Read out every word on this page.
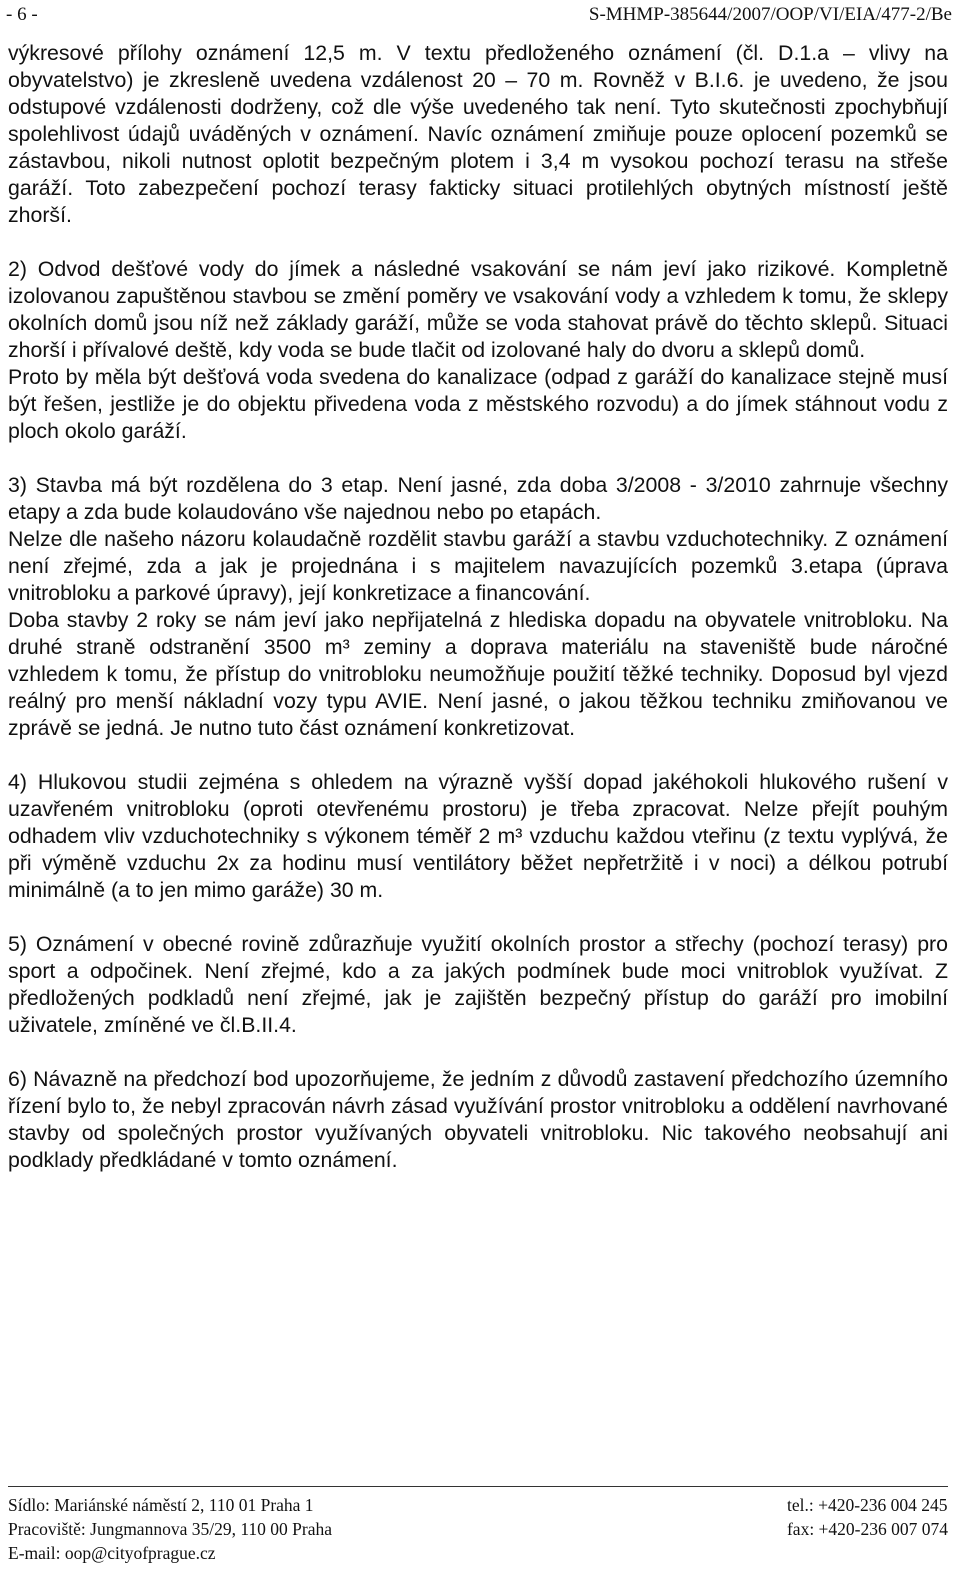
- 6 -	S-MHMP-385644/2007/OOP/VI/EIA/477-2/Be

výkresové přílohy oznámení 12,5 m. V textu předloženého oznámení (čl. D.1.a – vlivy na obyvatelstvo) je zkresleně uvedena vzdálenost 20 – 70 m. Rovněž v B.I.6. je uvedeno, že jsou odstupové vzdálenosti dodrženy, což dle výše uvedeného tak není. Tyto skutečnosti zpochybňují spolehlivost údajů uváděných v oznámení. Navíc oznámení zmiňuje pouze oplocení pozemků se zástavbou, nikoli nutnost oplotit bezpečným plotem i 3,4 m vysokou pochozí terasu na střeše garáží. Toto zabezpečení pochozí terasy fakticky situaci protilehlých obytných místností ještě zhorší.

2) Odvod dešťové vody do jímek a následné vsakování se nám jeví jako rizikové. Kompletně izolovanou zapuštěnou stavbou se změní poměry ve vsakování vody a vzhledem k tomu, že sklepy okolních domů jsou níž než základy garáží, může se voda stahovat právě do těchto sklepů. Situaci zhorší i přívalové deště, kdy voda se bude tlačit od izolované haly do dvoru a sklepů domů.

Proto by měla být dešťová voda svedena do kanalizace (odpad z garáží do kanalizace stejně musí být řešen, jestliže je do objektu přivedena voda z městského rozvodu) a do jímek stáhnout vodu z ploch okolo garáží.

3) Stavba má být rozdělena do 3 etap. Není jasné, zda doba 3/2008 - 3/2010 zahrnuje všechny etapy a zda bude kolaudováno vše najednou nebo po etapách.

Nelze dle našeho názoru kolaudačně rozdělit stavbu garáží a stavbu vzduchotechniky. Z oznámení není zřejmé, zda a jak je projednána i s majitelem navazujících pozemků 3.etapa (úprava vnitrobloku a parkové úpravy), její konkretizace a financování.

Doba stavby 2 roky se nám jeví jako nepřijatelná z hlediska dopadu na obyvatele vnitrobloku. Na druhé straně odstranění 3500 m³ zeminy a doprava materiálu na staveniště bude náročné vzhledem k tomu, že přístup do vnitrobloku neumožňuje použití těžké techniky. Doposud byl vjezd reálný pro menší nákladní vozy typu AVIE. Není jasné, o jakou těžkou techniku zmiňovanou ve zprávě se jedná. Je nutno tuto část oznámení konkretizovat.

4) Hlukovou studii zejména s ohledem na výrazně vyšší dopad jakéhokoli hlukového rušení v uzavřeném vnitrobloku (oproti otevřenému prostoru) je třeba zpracovat. Nelze přejít pouhým odhadem vliv vzduchotechniky s výkonem téměř 2 m³ vzduchu každou vteřinu (z textu vyplývá, že při výměně vzduchu 2x za hodinu musí ventilátory běžet nepřetržitě i v noci) a délkou potrubí minimálně (a to jen mimo garáže) 30 m.

5) Oznámení v obecné rovině zdůrazňuje využití okolních prostor a střechy (pochozí terasy) pro sport a odpočinek. Není zřejmé, kdo a za jakých podmínek bude moci vnitroblok využívat. Z předložených podkladů není zřejmé, jak je zajištěn bezpečný přístup do garáží pro imobilní uživatele, zmíněné ve čl.B.II.4.

6) Návazně na předchozí bod upozorňujeme, že jedním z důvodů zastavení předchozího územního řízení bylo to, že nebyl zpracován návrh zásad využívání prostor vnitrobloku a oddělení navrhované stavby od společných prostor využívaných obyvateli vnitrobloku. Nic takového neobsahují ani podklady předkládané v tomto oznámení.

Sídlo: Mariánské náměstí 2, 110 01 Praha 1
Pracoviště: Jungmannova 35/29, 110 00 Praha
E-mail: oop@cityofprague.cz
tel.: +420-236 004 245
fax: +420-236 007 074
